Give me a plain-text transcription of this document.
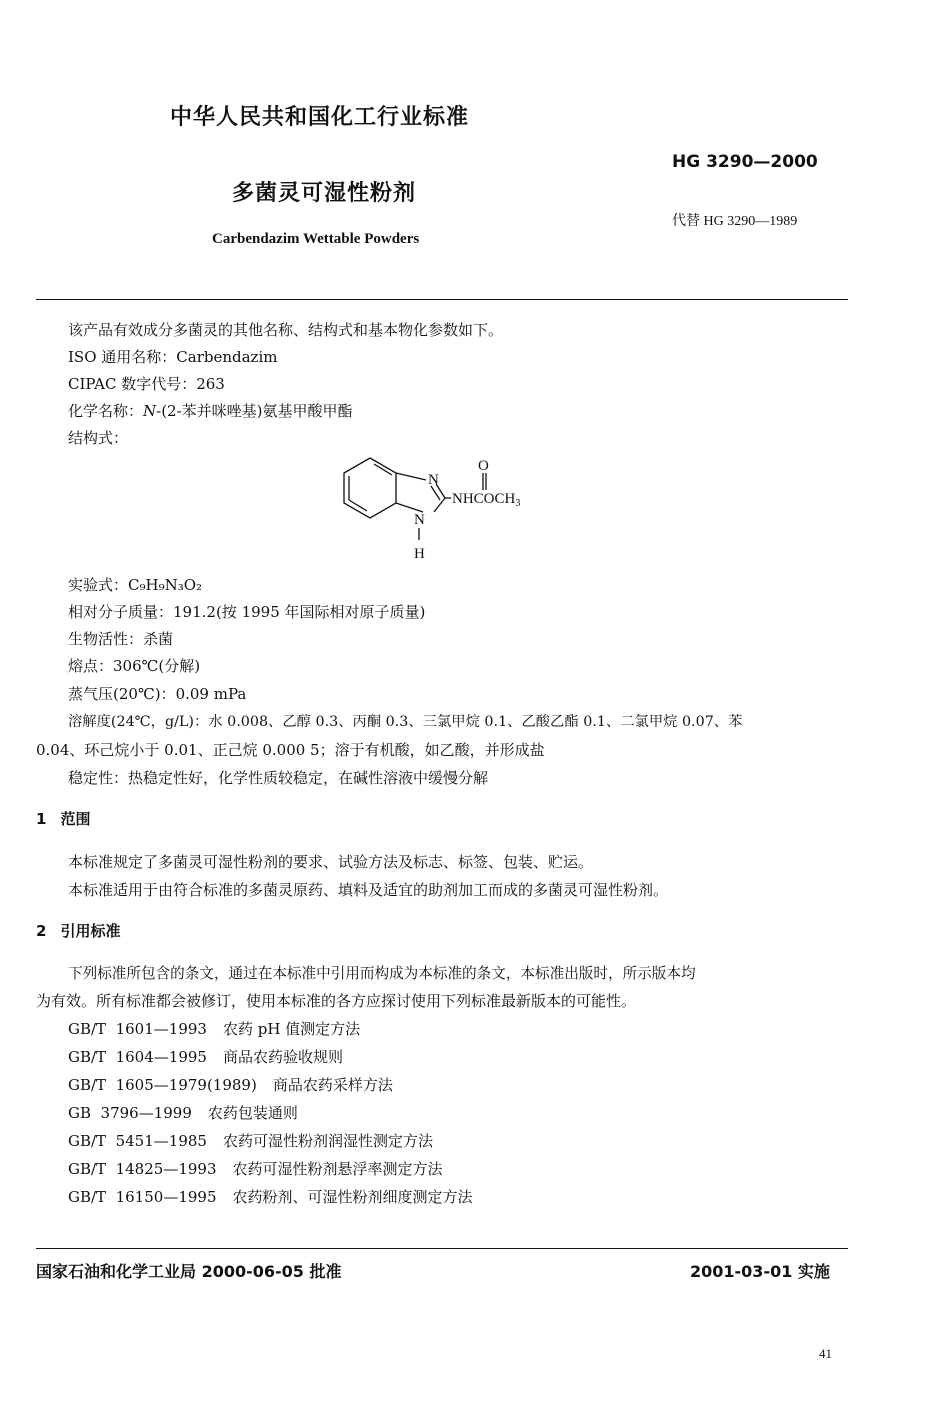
中华人民共和国化工行业标准
HG 3290—2000
多菌灵可湿性粉剂
代替 HG 3290—1989
Carbendazim Wettable Powders
该产品有效成分多菌灵的其他名称、结构式和基本物化参数如下。
ISO 通用名称：Carbendazim
CIPAC 数字代号：263
化学名称：N-(2-苯并咪唑基)氨基甲酸甲酯
结构式：
O
N
N
H
$NHCOCH_3$
实验式：C₉H₉N₃O₂
相对分子质量：191.2(按 1995 年国际相对原子质量)
生物活性：杀菌
熔点：306℃(分解)
蒸气压(20℃)：0.09 mPa
溶解度(24℃，g/L)：水 0.008、乙醇 0.3、丙酮 0.3、三氯甲烷 0.1、乙酸乙酯 0.1、二氯甲烷 0.07、苯
0.04、环己烷小于 0.01、正己烷 0.000 5；溶于有机酸，如乙酸，并形成盐
稳定性：热稳定性好，化学性质较稳定，在碱性溶液中缓慢分解
1 范围
本标准规定了多菌灵可湿性粉剂的要求、试验方法及标志、标签、包装、贮运。
本标准适用于由符合标准的多菌灵原药、填料及适宜的助剂加工而成的多菌灵可湿性粉剂。
2 引用标准
下列标准所包含的条文，通过在本标准中引用而构成为本标准的条文，本标准出版时，所示版本均
为有效。所有标准都会被修订，使用本标准的各方应探讨使用下列标准最新版本的可能性。
GB/T  1601—1993 农药 pH 值测定方法
GB/T  1604—1995 商品农药验收规则
GB/T  1605—1979(1989) 商品农药采样方法
GB  3796—1999 农药包装通则
GB/T  5451—1985 农药可湿性粉剂润湿性测定方法
GB/T  14825—1993 农药可湿性粉剂悬浮率测定方法
GB/T  16150—1995 农药粉剂、可湿性粉剂细度测定方法
国家石油和化学工业局 2000-06-05 批准	2001-03-01 实施
41
